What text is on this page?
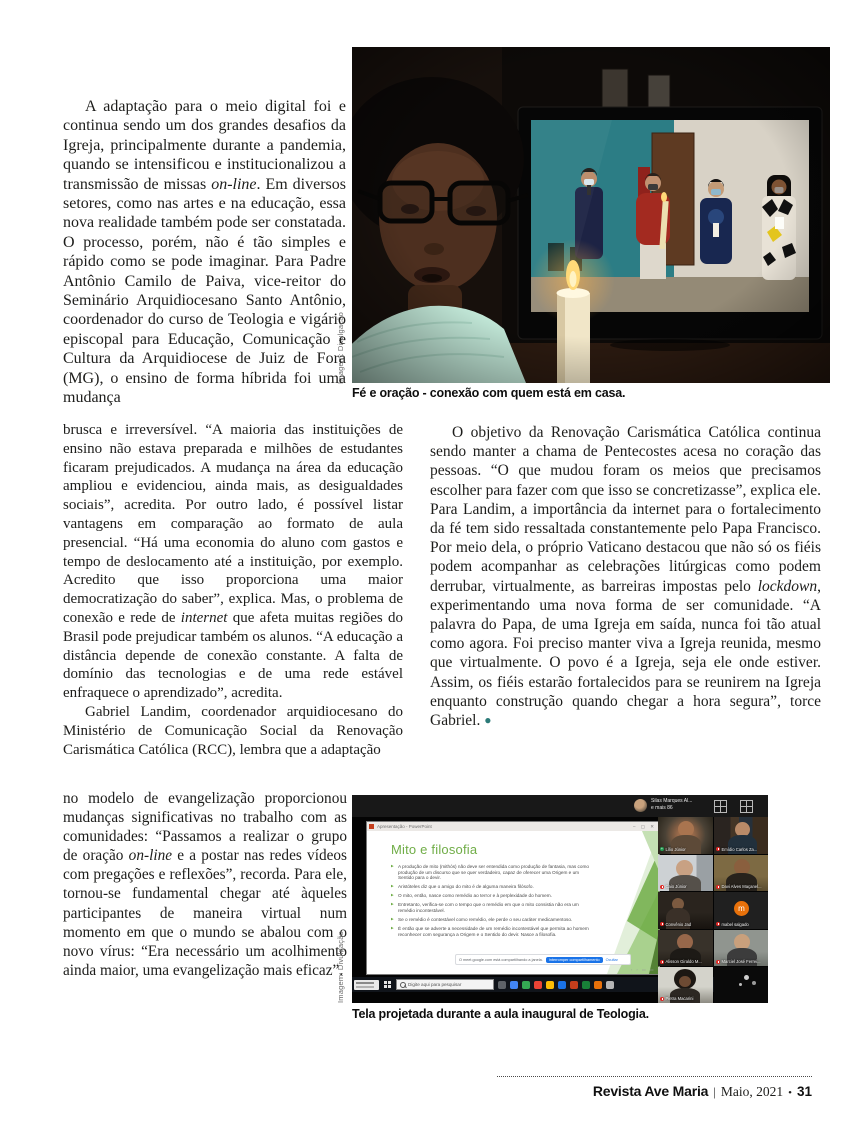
Imagem: Divulgação
Fé e oração - conexão com quem está em casa.

A adaptação para o meio digital foi e continua sendo um dos grandes desafios da Igreja, principalmente durante a pandemia, quando se intensificou e institucionalizou a transmissão de missas on-line. Em diversos setores, como nas artes e na educação, essa nova realidade também pode ser constatada. O processo, porém, não é tão simples e rápido como se pode imaginar. Para Padre Antônio Camilo de Paiva, vice-reitor do Seminário Arquidiocesano Santo Antônio, coordenador do curso de Teologia e vigário episcopal para Educação, Comunicação e Cultura da Arquidiocese de Juiz de Fora (MG), o ensino de forma híbrida foi uma mudança

brusca e irreversível. “A maioria das instituições de ensino não estava preparada e milhões de estudantes ficaram prejudicados. A mudança na área da educação ampliou e evidenciou, ainda mais, as desigualdades sociais”, acredita. Por outro lado, é possível listar vantagens em comparação ao formato de aula presencial. “Há uma economia do aluno com gastos e tempo de deslocamento até a instituição, por exemplo. Acredito que isso proporciona uma maior democratização do saber”, explica. Mas, o problema de conexão e rede de internet que afeta muitas regiões do Brasil pode prejudicar também os alunos. “A educação a distância depende de conexão constante. A falta de domínio das tecnologias e de uma rede estável enfraquece o aprendizado”, acredita.

Gabriel Landim, coordenador arquidiocesano do Ministério de Comunicação Social da Renovação Carismática Católica (RCC), lembra que a adaptação

no modelo de evangelização proporcionou mudanças significativas no trabalho com as comunidades: “Passamos a realizar o grupo de oração on-line e a postar nas redes vídeos com pregações e reflexões”, recorda. Para ele, tornou-se fundamental chegar até àqueles participantes de maneira virtual num momento em que o mundo se abalou com o novo vírus: “Era necessário um acolhimento ainda maior, uma evangelização mais eficaz”.

O objetivo da Renovação Carismática Católica continua sendo manter a chama de Pentecostes acesa no coração das pessoas. “O que mudou foram os meios que precisamos escolher para fazer com que isso se concretizasse”, explica ele. Para Landim, a importância da internet para o fortalecimento da fé tem sido ressaltada constantemente pelo Papa Francisco. Por meio dela, o próprio Vaticano destacou que não só os fiéis podem acompanhar as celebrações litúrgicas como podem derrubar, virtualmente, as barreiras impostas pelo lockdown, experimentando uma nova forma de ser comunidade. “A palavra do Papa, de uma Igreja em saída, nunca foi tão atual como agora. Foi preciso manter viva a Igreja reunida, mesmo que virtualmente. O povo é a Igreja, seja ele onde estiver. Assim, os fiéis estarão fortalecidos para se reunirem na Igreja enquanto construção quando chegar a hora segura”, torce Gabriel. ●

Silas Marques Al...
e mais 86
Apresentação - PowerPoint	– ▢ ✕
Mito e filosofia
▶ A produção de mito (mithós) não deve ser entendida como produção de fantasia, mas como produção de um discurso que se quer verdadeiro, capaz de oferecer uma Origem e um Sentido para o devir.
▶ Aristóteles diz que o amigo do mito é de alguma maneira filósofo.
▶ O mito, então, nasce como remédio ao terror e à perplexidade do homem.
▶ Entretanto, verifica-se com o tempo que o remédio em que o mito consistia não era um remédio incontestável.
▶ Se o remédio é contestável como remédio, ele perde o seu caráter medicamentoso.
▶ É então que se adverte a necessidade de um remédio incontestável que permita ao homem reconhecer com segurança a Origem e o Sentido do devir. Nasce a filosofia.
O meet.google.com está compartilhando a janela.	Interromper compartilhamento	Ocultar
‹ › ▭ ▭
Digite aqui para pesquisar
+
Lílio Júnior	Emídio Carlos Za...
Caio Júnior	Davi Alves Maçanel...
Convênio Jad
m
mabel salgado
Alisson Giraldo M...	Marciel José Ferrei...
Pietra Macarini
Imagem: Divulgação
Tela projetada durante a aula inaugural de Teologia.
Revista Ave Maria | Maio, 2021 • 31
